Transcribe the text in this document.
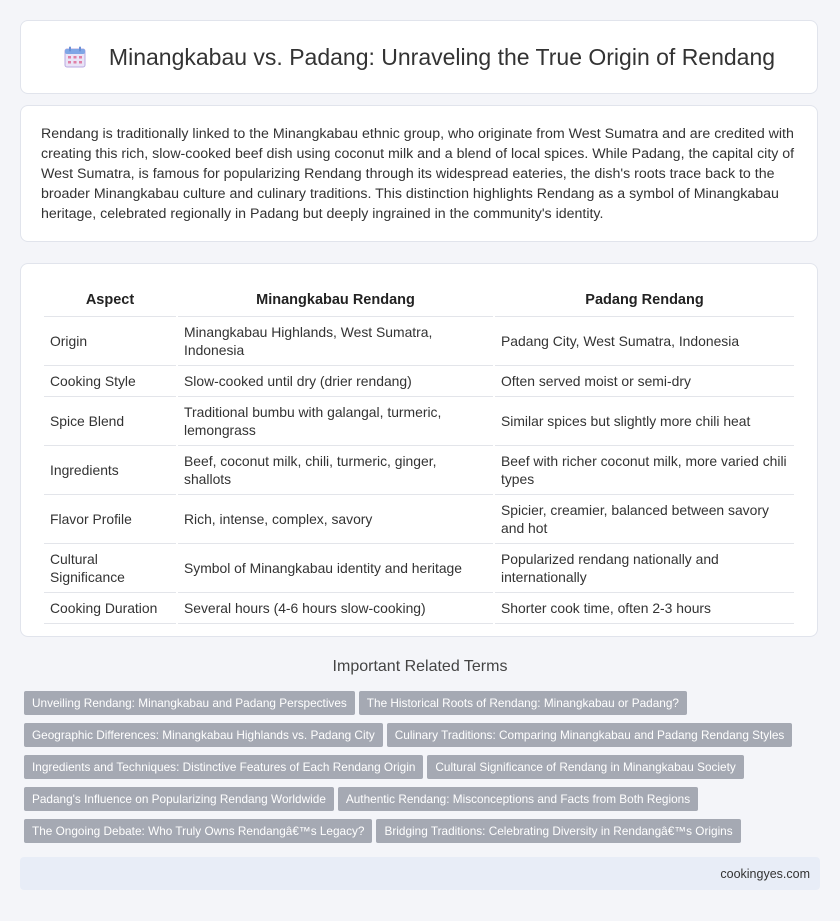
Minangkabau vs. Padang: Unraveling the True Origin of Rendang

Rendang is traditionally linked to the Minangkabau ethnic group, who originate from West Sumatra and are credited with creating this rich, slow-cooked beef dish using coconut milk and a blend of local spices. While Padang, the capital city of West Sumatra, is famous for popularizing Rendang through its widespread eateries, the dish's roots trace back to the broader Minangkabau culture and culinary traditions. This distinction highlights Rendang as a symbol of Minangkabau heritage, celebrated regionally in Padang but deeply ingrained in the community's identity.

Aspect	Minangkabau Rendang	Padang Rendang
Origin	Minangkabau Highlands, West Sumatra, Indonesia	Padang City, West Sumatra, Indonesia
Cooking Style	Slow-cooked until dry (drier rendang)	Often served moist or semi-dry
Spice Blend	Traditional bumbu with galangal, turmeric, lemongrass	Similar spices but slightly more chili heat
Ingredients	Beef, coconut milk, chili, turmeric, ginger, shallots	Beef with richer coconut milk, more varied chili types
Flavor Profile	Rich, intense, complex, savory	Spicier, creamier, balanced between savory and hot
Cultural Significance	Symbol of Minangkabau identity and heritage	Popularized rendang nationally and internationally
Cooking Duration	Several hours (4-6 hours slow-cooking)	Shorter cook time, often 2-3 hours
Important Related Terms
Unveiling Rendang: Minangkabau and Padang Perspectives The Historical Roots of Rendang: Minangkabau or Padang?
Geographic Differences: Minangkabau Highlands vs. Padang City Culinary Traditions: Comparing Minangkabau and Padang Rendang Styles
Ingredients and Techniques: Distinctive Features of Each Rendang Origin Cultural Significance of Rendang in Minangkabau Society
Padang's Influence on Popularizing Rendang Worldwide Authentic Rendang: Misconceptions and Facts from Both Regions
The Ongoing Debate: Who Truly Owns Rendangâ€™s Legacy? Bridging Traditions: Celebrating Diversity in Rendangâ€™s Origins
cookingyes.com
